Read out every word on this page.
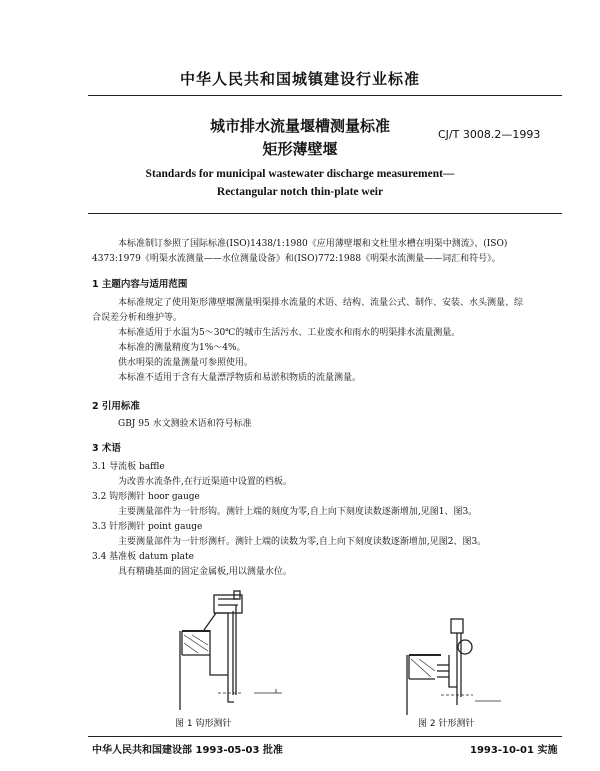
中华人民共和国城镇建设行业标准
城市排水流量堰槽测量标准
矩形薄壁堰
CJ/T 3008.2—1993
Standards for municipal wastewater discharge measurement—
Rectangular notch thin-plate weir
本标准制订参照了国际标准(ISO)1438/1:1980《应用薄壁堰和文杜里水槽在明渠中测流》、(ISO)
4373:1979《明渠水流测量——水位测量设备》和(ISO)772:1988《明渠水流测量——词汇和符号》。
1 主题内容与适用范围
本标准规定了使用矩形薄壁堰测量明渠排水流量的术语、结构、流量公式、制作、安装、水头测量、综
合误差分析和维护等。
本标准适用于水温为5～30℃的城市生活污水、工业废水和雨水的明渠排水流量测量。
本标准的测量精度为1%～4%。
供水明渠的流量测量可参照使用。
本标准不适用于含有大量漂浮物质和易淤积物质的流量测量。
2 引用标准
GBJ 95 水文测验术语和符号标准
3 术语
3.1 导流板 baffle
为改善水流条件,在行近渠道中设置的档板。
3.2 钩形测针 hoor gauge
主要测量部件为一针形钩。测针上端的刻度为零,自上向下刻度读数逐渐增加,见图1、图3。
3.3 针形测针 point gauge
主要测量部件为一针形测杆。测针上端的读数为零,自上向下刻度读数逐渐增加,见图2、图3。
3.4 基准板 datum plate
具有精确基面的固定金属板,用以测量水位。
图 1 钩形测针	图 2 针形测针
中华人民共和国建设部 1993-05-03 批准	1993-10-01 实施
